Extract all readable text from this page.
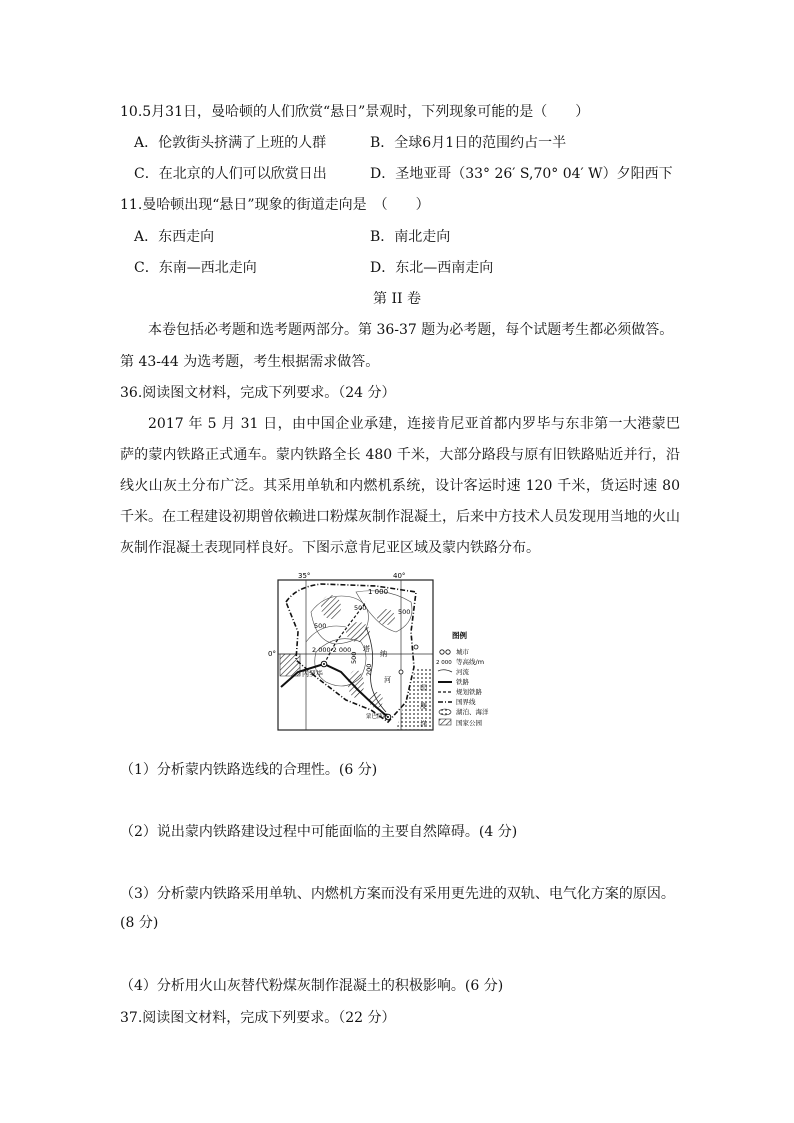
10.5月31日，曼哈顿的人们欣赏“悬日”景观时，下列现象可能的是（　　）
A．伦敦街头挤满了上班的人群	B．全球6月1日的范围约占一半
C．在北京的人们可以欣赏日出	D．圣地亚哥（33° 26′ S,70° 04′ W）夕阳西下
11.曼哈顿出现“悬日”现象的街道走向是　（　　）
A．东西走向	B．南北走向
C．东南—西北走向	D．东北—西南走向
第 II 卷
本卷包括必考题和选考题两部分。第 36-37 题为必考题，每个试题考生都必须做答。
第 43-44 为选考题，考生根据需求做答。
36.阅读图文材料，完成下列要求。（24 分）
2017 年 5 月 31 日，由中国企业承建，连接肯尼亚首都内罗毕与东非第一大港蒙巴萨的蒙内铁路正式通车。蒙内铁路全长 480 千米，大部分路段与原有旧铁路贴近并行，沿线火山灰土分布广泛。其采用单轨和内燃机系统，设计客运时速 120 千米，货运时速 80 千米。在工程建设初期曾依赖进口粉煤灰制作混凝土，后来中方技术人员发现用当地的火山灰制作混凝土表现同样良好。下图示意肯尼亚区域及蒙内铁路分布。
35°	40°
0°
1 000
500
500
500
2 000 2 000
500
200
塔
纳
河
内罗毕
蒙巴萨港
印
度
洋
图例
城市
2 000 等高线/m
河流
铁路
规划铁路
国界线
湖泊、海洋
国家公园
（1）分析蒙内铁路选线的合理性。(6 分)
（2）说出蒙内铁路建设过程中可能面临的主要自然障碍。(4 分)
（3）分析蒙内铁路采用单轨、内燃机方案而没有采用更先进的双轨、电气化方案的原因。
(8 分)
（4）分析用火山灰替代粉煤灰制作混凝土的积极影响。(6 分)
37.阅读图文材料，完成下列要求。（22 分）
